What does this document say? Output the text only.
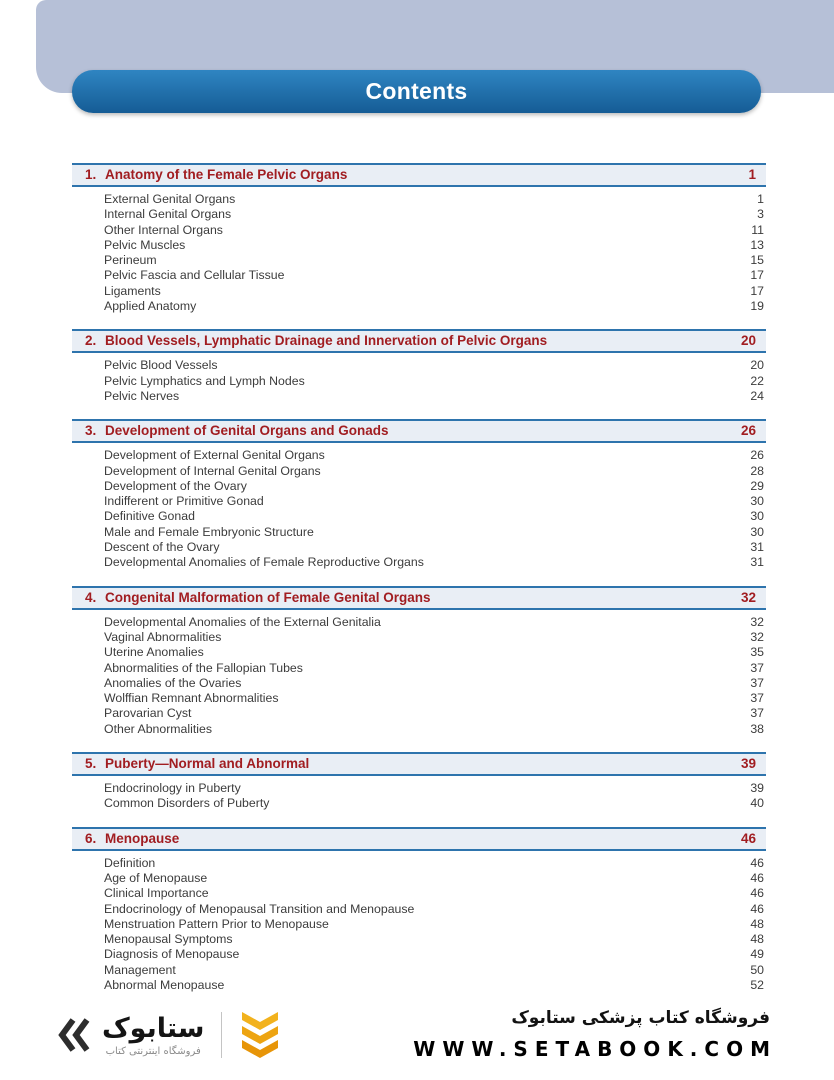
Contents
1. Anatomy of the Female Pelvic Organs	1
External Genital Organs	1
Internal Genital Organs	3
Other Internal Organs	11
Pelvic Muscles	13
Perineum	15
Pelvic Fascia and Cellular Tissue	17
Ligaments	17
Applied Anatomy	19
2. Blood Vessels, Lymphatic Drainage and Innervation of Pelvic Organs	20
Pelvic Blood Vessels	20
Pelvic Lymphatics and Lymph Nodes	22
Pelvic Nerves	24
3. Development of Genital Organs and Gonads	26
Development of External Genital Organs	26
Development of Internal Genital Organs	28
Development of the Ovary	29
Indifferent or Primitive Gonad	30
Definitive Gonad	30
Male and Female Embryonic Structure	30
Descent of the Ovary	31
Developmental Anomalies of Female Reproductive Organs	31
4. Congenital Malformation of Female Genital Organs	32
Developmental Anomalies of the External Genitalia	32
Vaginal Abnormalities	32
Uterine Anomalies	35
Abnormalities of the Fallopian Tubes	37
Anomalies of the Ovaries	37
Wolffian Remnant Abnormalities	37
Parovarian Cyst	37
Other Abnormalities	38
5. Puberty—Normal and Abnormal	39
Endocrinology in Puberty	39
Common Disorders of Puberty	40
6. Menopause	46
Definition	46
Age of Menopause	46
Clinical Importance	46
Endocrinology of Menopausal Transition and Menopause	46
Menstruation Pattern Prior to Menopause	48
Menopausal Symptoms	48
Diagnosis of Menopause	49
Management	50
Abnormal Menopause	52
ستابوک
فروشگاه اینترنتی کتاب
فروشگاه کتاب پزشکی ستابوک
WWW.SETABOOK.COM
